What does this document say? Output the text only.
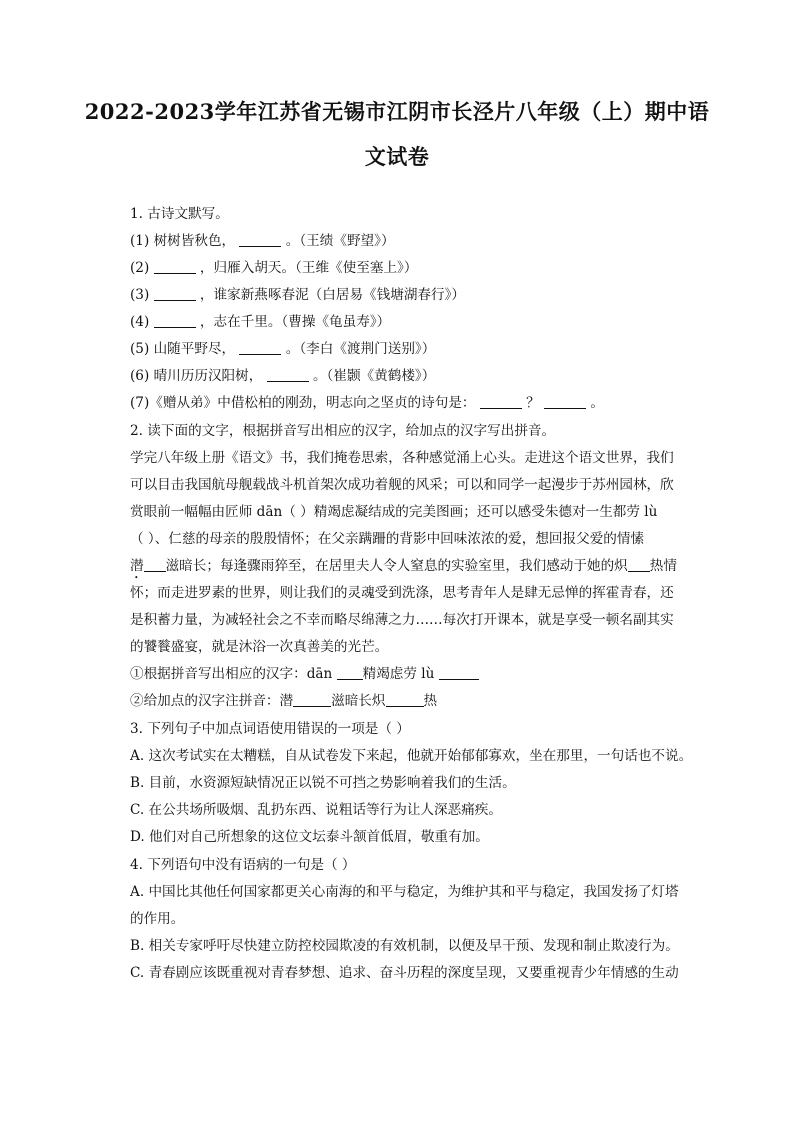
2022-2023学年江苏省无锡市江阴市长泾片八年级（上）期中语
文试卷
1. 古诗文默写。
(1) 树树皆秋色，	。（王绩《野望》）
(2)	，归雁入胡天。（王维《使至塞上》）
(3)	，谁家新燕啄春泥（白居易《钱塘湖春行》）
(4)	，志在千里。（曹操《龟虽寿》）
(5) 山随平野尽，	。（李白《渡荆门送别》）
(6) 晴川历历汉阳树，	。（崔颢《黄鹤楼》）
(7)《赠从弟》中借松柏的刚劲，明志向之坚贞的诗句是：	？	。
2. 读下面的文字，根据拼音写出相应的汉字，给加点的汉字写出拼音。
学完八年级上册《语文》书，我们掩卷思索，各种感觉涌上心头。走进这个语文世界，我们
可以目击我国航母舰载战斗机首架次成功着舰的风采；可以和同学一起漫步于苏州园林，欣
赏眼前一幅幅由匠师 dān（ ）精竭虑凝结成的完美图画；还可以感受朱德对一生都劳 lù
（ ）、仁慈的母亲的殷殷情怀；在父亲蹒跚的背影中回味浓浓的爱，想回报父爱的情愫
潜 滋暗长；每逢骤雨猝至，在居里夫人令人窒息的实验室里，我们感动于她的炽 热情
怀；而走进罗素的世界，则让我们的灵魂受到洗涤，思考青年人是肆无忌惮的挥霍青春，还
是积蓄力量，为减轻社会之不幸而略尽绵薄之力……每次打开课本，就是享受一顿名副其实
的饕餮盛宴，就是沐浴一次真善美的光芒。
①根据拼音写出相应的汉字：dān 精竭虑劳 lù
②给加点的汉字注拼音：潜	滋暗长炽	热
3. 下列句子中加点词语使用错误的一项是（ ）
A. 这次考试实在太糟糕，自从试卷发下来起，他就开始郁郁寡欢，坐在那里，一句话也不说。
B. 目前，水资源短缺情况正以锐不可挡之势影响着我们的生活。
C. 在公共场所吸烟、乱扔东西、说粗话等行为让人深恶痛疾。
D. 他们对自己所想象的这位文坛泰斗颔首低眉，敬重有加。
4. 下列语句中没有语病的一句是（ ）
A. 中国比其他任何国家都更关心南海的和平与稳定，为维护其和平与稳定，我国发扬了灯塔
的作用。
B. 相关专家呼吁尽快建立防控校园欺凌的有效机制，以便及早干预、发现和制止欺凌行为。
C. 青春剧应该既重视对青春梦想、追求、奋斗历程的深度呈现，又要重视青少年情感的生动
